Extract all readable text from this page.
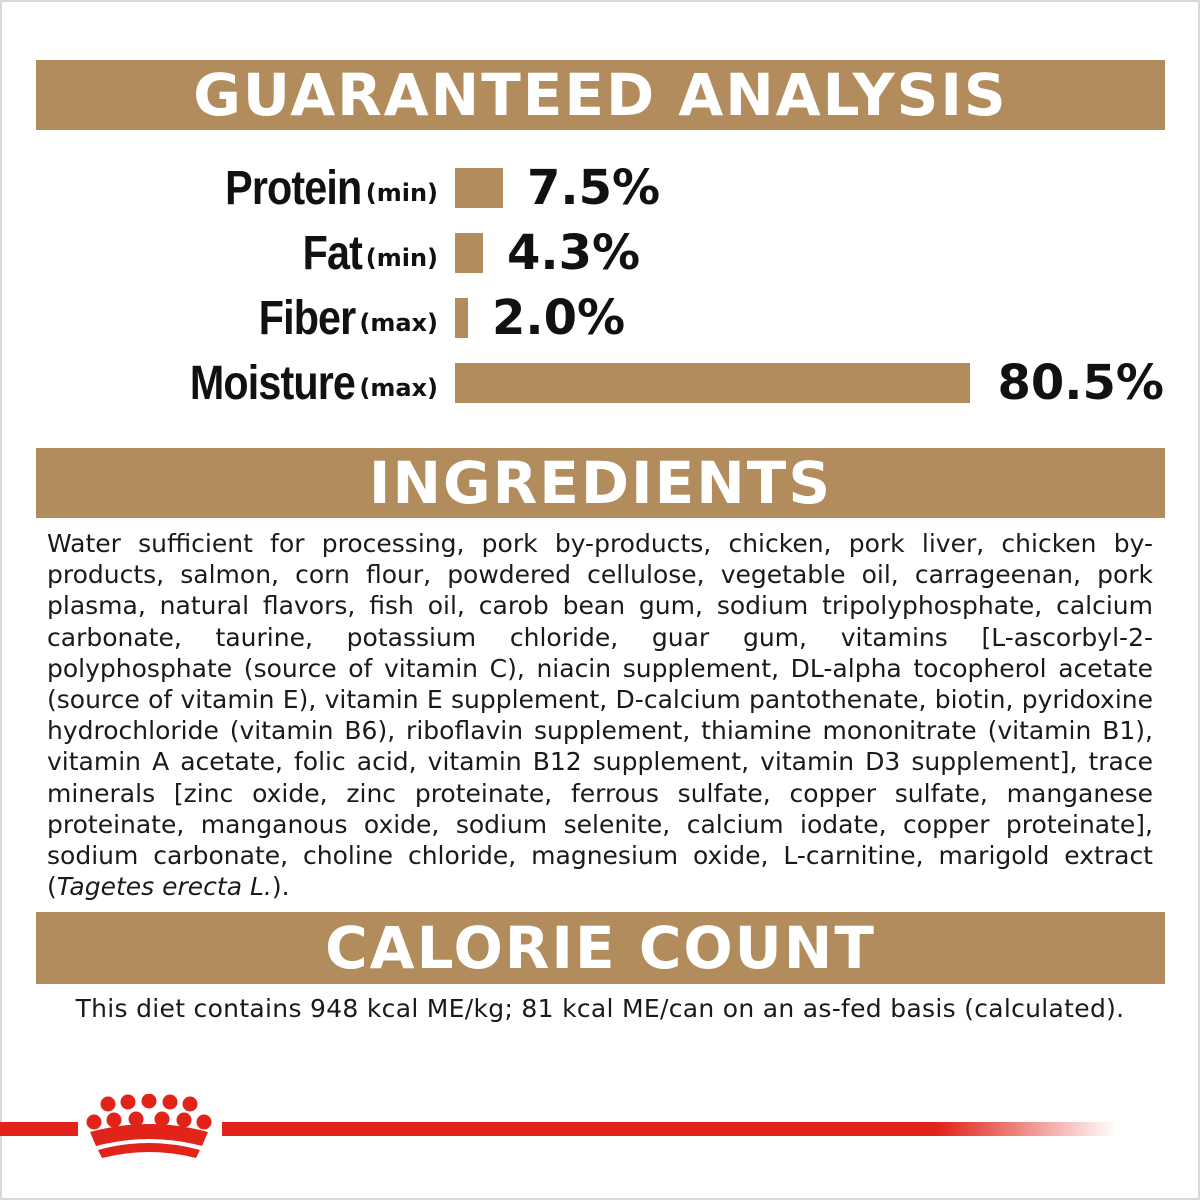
GUARANTEED ANALYSIS
Protein (min) 7.5%
Fat (min) 4.3%
Fiber (max) 2.0%
Moisture (max)	80.5%
INGREDIENTS
Water sufficient for processing, pork by-products, chicken, pork liver, chicken by-products, salmon, corn flour, powdered cellulose, vegetable oil, carrageenan, pork plasma, natural flavors, fish oil, carob bean gum, sodium tripolyphosphate, calcium carbonate, taurine, potassium chloride, guar gum, vitamins [L-ascorbyl-2-polyphosphate (source of vitamin C), niacin supplement, DL-alpha tocopherol acetate (source of vitamin E), vitamin E supplement, D-calcium pantothenate, biotin, pyridoxine hydrochloride (vitamin B6), riboflavin supplement, thiamine mononitrate (vitamin B1), vitamin A acetate, folic acid, vitamin B12 supplement, vitamin D3 supplement], trace minerals [zinc oxide, zinc proteinate, ferrous sulfate, copper sulfate, manganese proteinate, manganous oxide, sodium selenite, calcium iodate, copper proteinate], sodium carbonate, choline chloride, magnesium oxide, L-carnitine, marigold extract (Tagetes erecta L.).
CALORIE COUNT
This diet contains 948 kcal ME/kg; 81 kcal ME/can on an as-fed basis (calculated).
